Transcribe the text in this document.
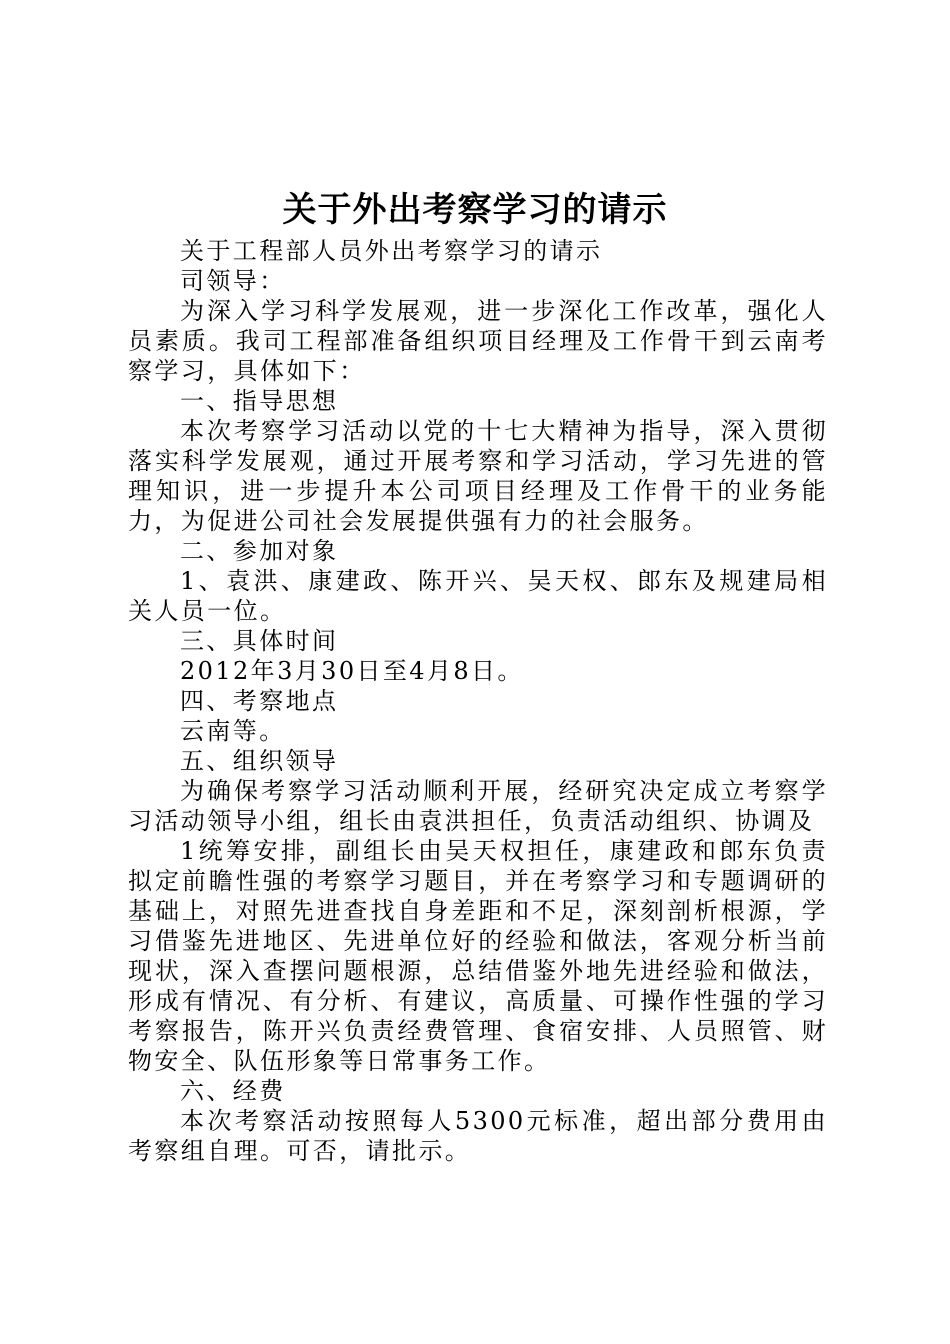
关于外出考察学习的请示

关于工程部人员外出考察学习的请示

司领导：

为深入学习科学发展观，进一步深化工作改革，强化人员素质。我司工程部准备组织项目经理及工作骨干到云南考察学习，具体如下：

一、指导思想

本次考察学习活动以党的十七大精神为指导，深入贯彻落实科学发展观，通过开展考察和学习活动，学习先进的管理知识，进一步提升本公司项目经理及工作骨干的业务能力，为促进公司社会发展提供强有力的社会服务。

二、参加对象

1、袁洪、康建政、陈开兴、吴天权、郎东及规建局相关人员一位。

三、具体时间

2012年3月30日至4月8日。

四、考察地点

云南等。

五、组织领导

为确保考察学习活动顺利开展，经研究决定成立考察学习活动领导小组，组长由袁洪担任，负责活动组织、协调及

1统筹安排，副组长由吴天权担任，康建政和郎东负责拟定前瞻性强的考察学习题目，并在考察学习和专题调研的基础上，对照先进查找自身差距和不足，深刻剖析根源，学习借鉴先进地区、先进单位好的经验和做法，客观分析当前现状，深入查摆问题根源，总结借鉴外地先进经验和做法，形成有情况、有分析、有建议，高质量、可操作性强的学习考察报告，陈开兴负责经费管理、食宿安排、人员照管、财物安全、队伍形象等日常事务工作。

六、经费

本次考察活动按照每人5300元标准，超出部分费用由考察组自理。可否，请批示。
